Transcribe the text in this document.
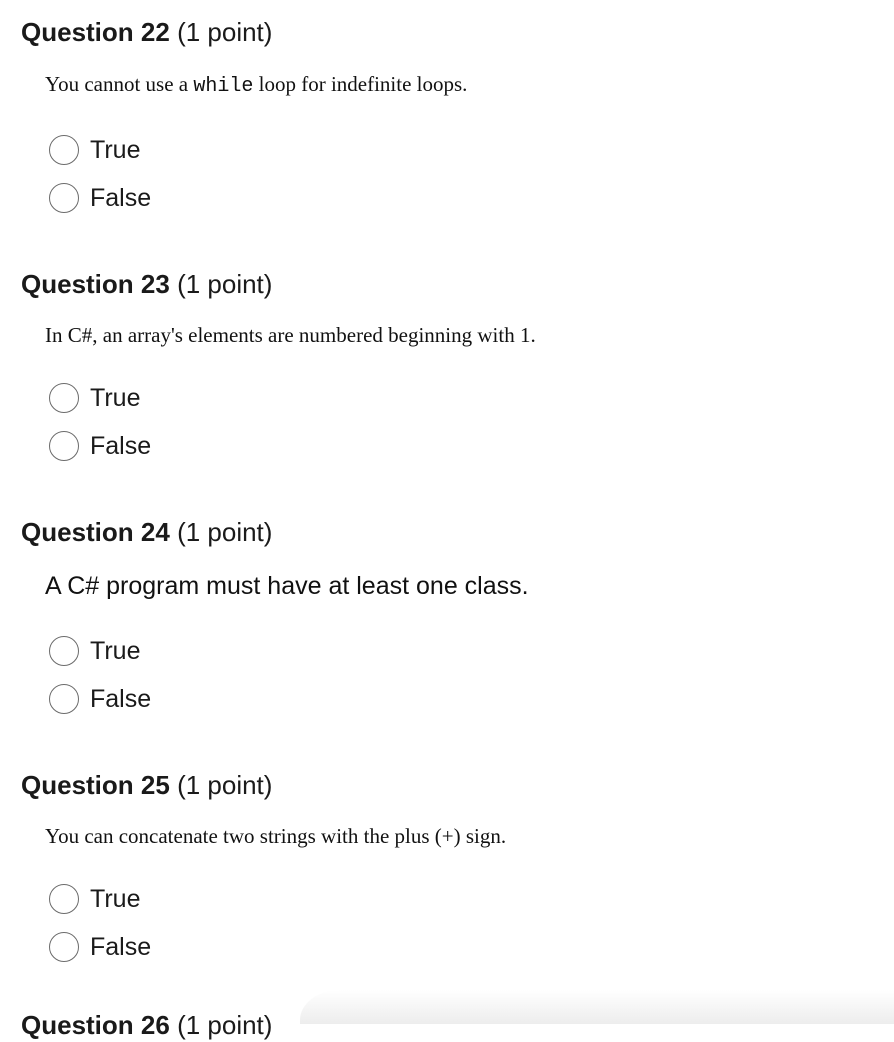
Question 22 (1 point)

You cannot use a while loop for indefinite loops.

True
False
Question 23 (1 point)

In C#, an array's elements are numbered beginning with 1.

True
False
Question 24 (1 point)

A C# program must have at least one class.

True
False
Question 25 (1 point)

You can concatenate two strings with the plus (+) sign.

True
False
Question 26 (1 point)
